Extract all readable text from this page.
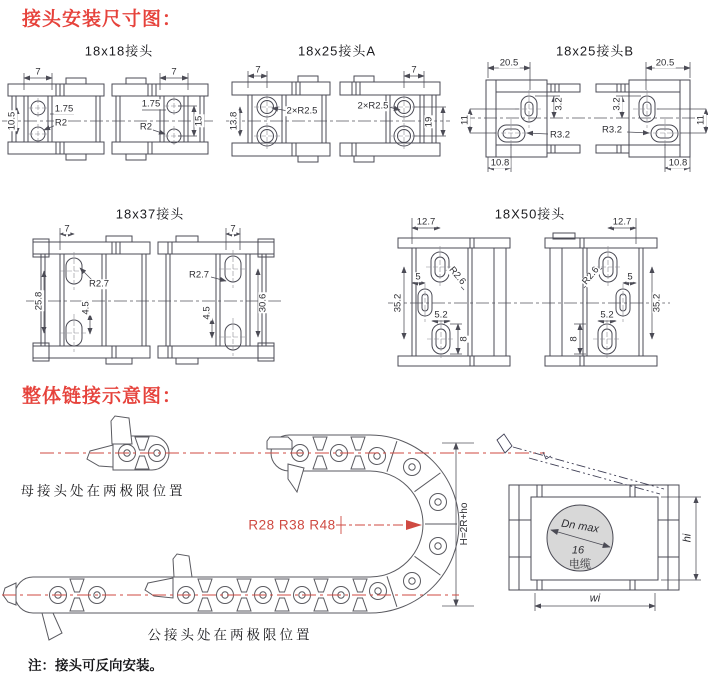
接头安装尺寸图：
18x18接头	18x25接头A	18x25接头B
18x37接头	18X50接头
7
1.75
R2
10.5
7
1.75
R2
15
7
13.8
2×R2.5
7
2×R2.5
19
20.5
3.2
11
R3.2
10.8
20.5
3.2
11
R3.2
10.8
7
25.8	4.5
R2.7
7
R2.7
30.6
4.5
12.7
35.2
5	R2.6
5.2
8
12.7
R2.6	5
35.2
5.2
8
整体链接示意图：
母接头处在两极限位置
R28 R38 R48	H=2R+ho
公接头处在两极限位置
Dn max
16
电缆
hi
wi
注：接头可反向安装。
